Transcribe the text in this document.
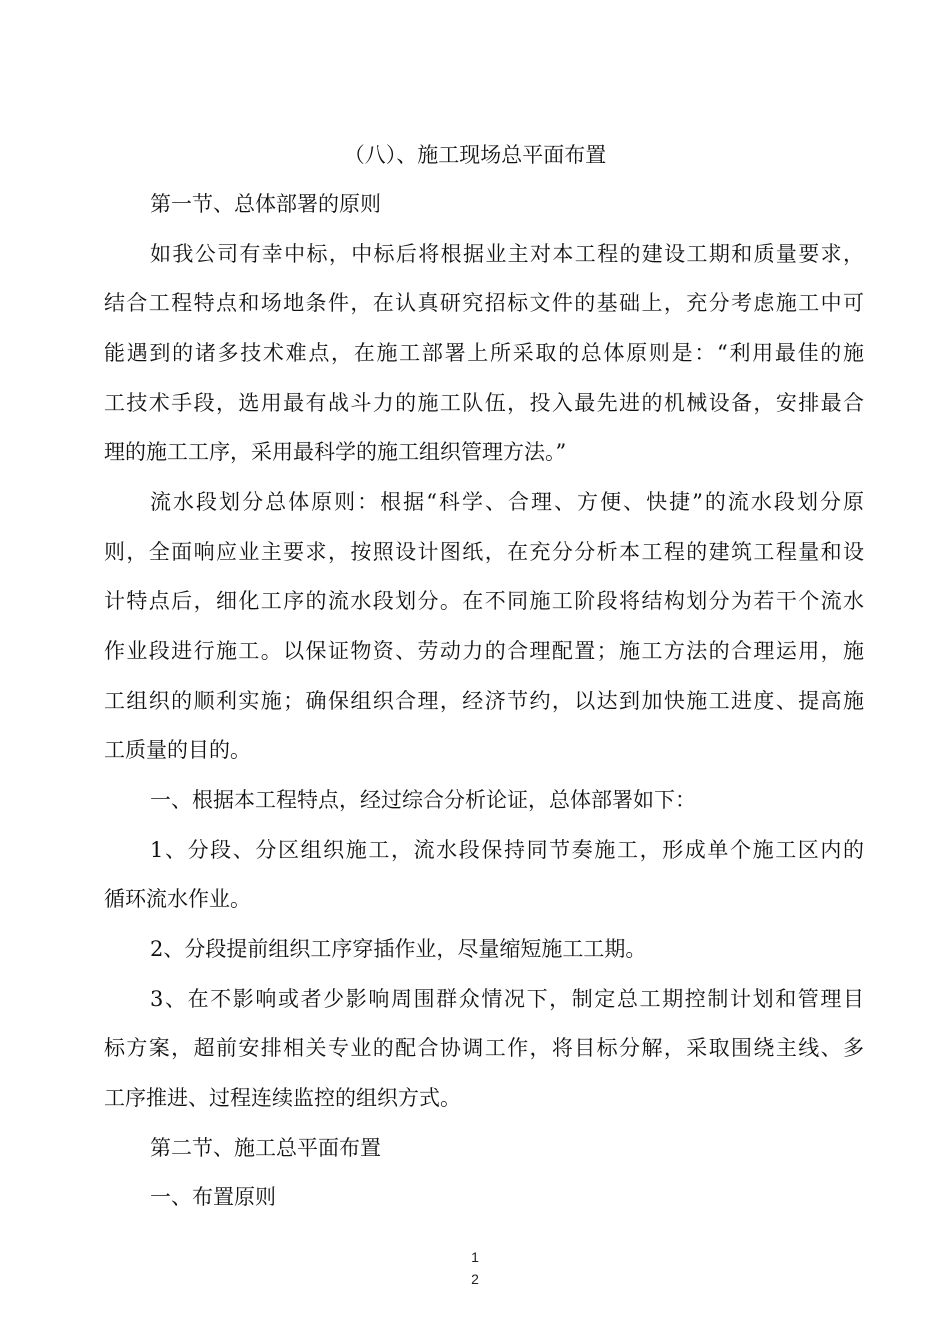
（八）、施工现场总平面布置
第一节、总体部署的原则
如我公司有幸中标，中标后将根据业主对本工程的建设工期和质量要求，
结合工程特点和场地条件，在认真研究招标文件的基础上，充分考虑施工中可
能遇到的诸多技术难点，在施工部署上所采取的总体原则是：“利用最佳的施
工技术手段，选用最有战斗力的施工队伍，投入最先进的机械设备，安排最合
理的施工工序，采用最科学的施工组织管理方法。”
流水段划分总体原则：根据“科学、合理、方便、快捷”的流水段划分原
则，全面响应业主要求，按照设计图纸，在充分分析本工程的建筑工程量和设
计特点后，细化工序的流水段划分。在不同施工阶段将结构划分为若干个流水
作业段进行施工。以保证物资、劳动力的合理配置；施工方法的合理运用，施
工组织的顺利实施；确保组织合理，经济节约，以达到加快施工进度、提高施
工质量的目的。
一、根据本工程特点，经过综合分析论证，总体部署如下：
1、分段、分区组织施工，流水段保持同节奏施工，形成单个施工区内的
循环流水作业。
2、分段提前组织工序穿插作业，尽量缩短施工工期。
3、在不影响或者少影响周围群众情况下，制定总工期控制计划和管理目
标方案，超前安排相关专业的配合协调工作，将目标分解，采取围绕主线、多
工序推进、过程连续监控的组织方式。
第二节、施工总平面布置
一、布置原则
1
2
